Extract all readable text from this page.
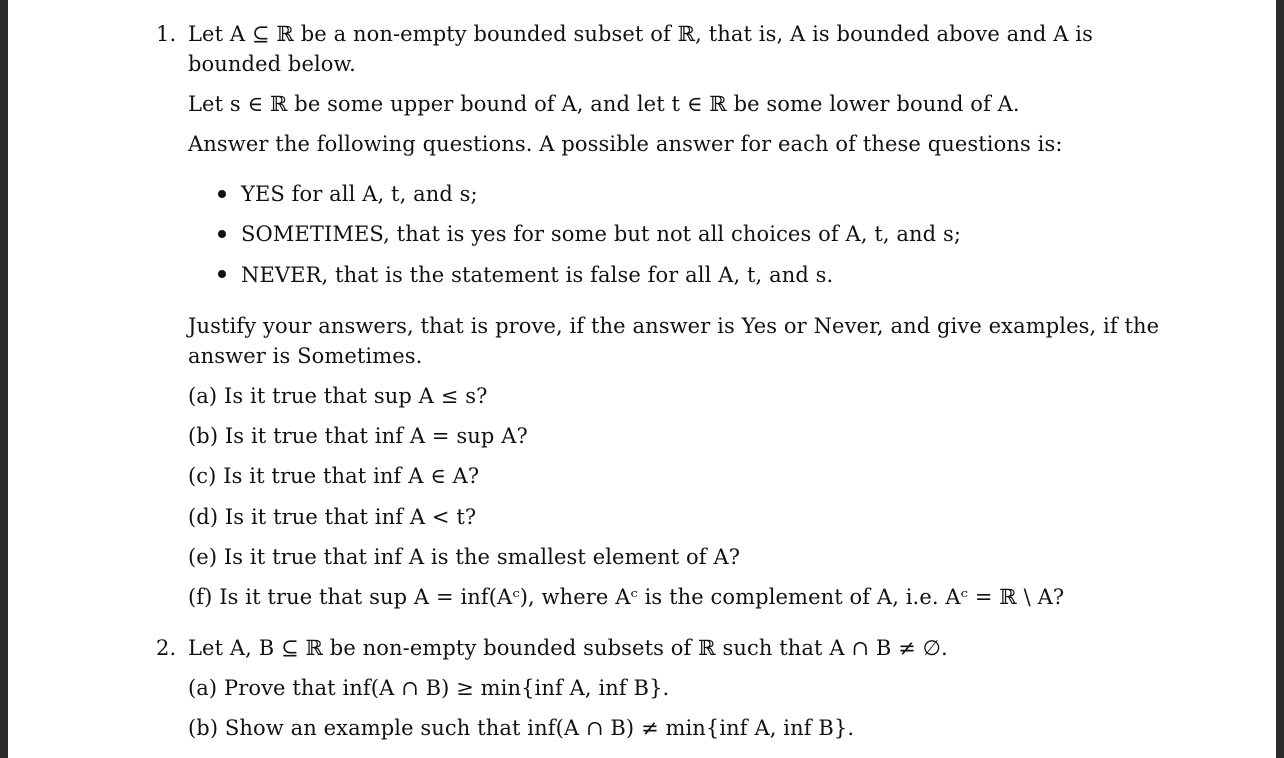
1. Let A ⊆ ℝ be a non-empty bounded subset of ℝ, that is, A is bounded above and A is
bounded below.
Let s ∈ ℝ be some upper bound of A, and let t ∈ ℝ be some lower bound of A.
Answer the following questions. A possible answer for each of these questions is:
YES for all A, t, and s;
SOMETIMES, that is yes for some but not all choices of A, t, and s;
NEVER, that is the statement is false for all A, t, and s.
Justify your answers, that is prove, if the answer is Yes or Never, and give examples, if the
answer is Sometimes.
(a) Is it true that sup A ≤ s?
(b) Is it true that inf A = sup A?
(c) Is it true that inf A ∈ A?
(d) Is it true that inf A < t?
(e) Is it true that inf A is the smallest element of A?
(f) Is it true that sup A = inf(Aᶜ), where Aᶜ is the complement of A, i.e. Aᶜ = ℝ \ A?
2. Let A, B ⊆ ℝ be non-empty bounded subsets of ℝ such that A ∩ B ≠ ∅.
(a) Prove that inf(A ∩ B) ≥ min{inf A, inf B}.
(b) Show an example such that inf(A ∩ B) ≠ min{inf A, inf B}.
